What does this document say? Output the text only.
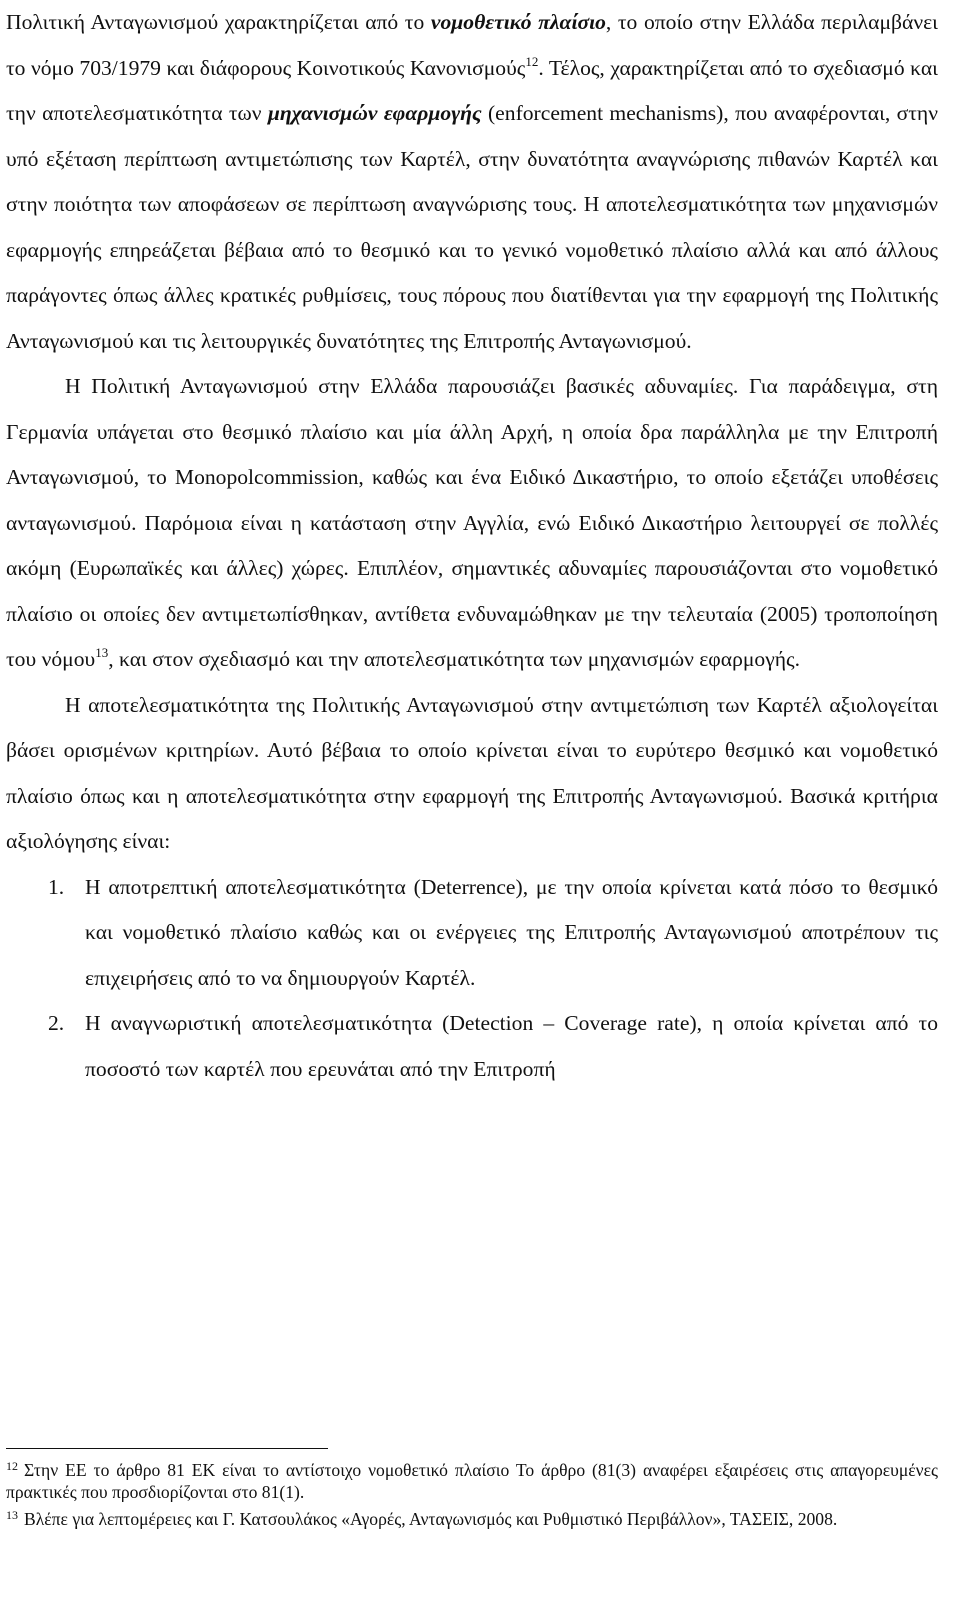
Πολιτική Ανταγωνισμού χαρακτηρίζεται από το νομοθετικό πλαίσιο, το οποίο στην Ελλάδα περιλαμβάνει το νόμο 703/1979 και διάφορους Κοινοτικούς Κανονισμούς$^{12}$. Τέλος, χαρακτηρίζεται από το σχεδιασμό και την αποτελεσματικότητα των μηχανισμών εφαρμογής (enforcement mechanisms), που αναφέρονται, στην υπό εξέταση περίπτωση αντιμετώπισης των Καρτέλ, στην δυνατότητα αναγνώρισης πιθανών Καρτέλ και στην ποιότητα των αποφάσεων σε περίπτωση αναγνώρισης τους. Η αποτελεσματικότητα των μηχανισμών εφαρμογής επηρεάζεται βέβαια από το θεσμικό και το γενικό νομοθετικό πλαίσιο αλλά και από άλλους παράγοντες όπως άλλες κρατικές ρυθμίσεις, τους πόρους που διατίθενται για την εφαρμογή της Πολιτικής Ανταγωνισμού και τις λειτουργικές δυνατότητες της Επιτροπής Ανταγωνισμού.

Η Πολιτική Ανταγωνισμού στην Ελλάδα παρουσιάζει βασικές αδυναμίες. Για παράδειγμα, στη Γερμανία υπάγεται στο θεσμικό πλαίσιο και μία άλλη Αρχή, η οποία δρα παράλληλα με την Επιτροπή Ανταγωνισμού, το Monopolcommission, καθώς και ένα Ειδικό Δικαστήριο, το οποίο εξετάζει υποθέσεις ανταγωνισμού. Παρόμοια είναι η κατάσταση στην Αγγλία, ενώ Ειδικό Δικαστήριο λειτουργεί σε πολλές ακόμη (Ευρωπαϊκές και άλλες) χώρες. Επιπλέον, σημαντικές αδυναμίες παρουσιάζονται στο νομοθετικό πλαίσιο οι οποίες δεν αντιμετωπίσθηκαν, αντίθετα ενδυναμώθηκαν με την τελευταία (2005) τροποποίηση του νόμου$^{13}$, και στον σχεδιασμό και την αποτελεσματικότητα των μηχανισμών εφαρμογής.

Η αποτελεσματικότητα της Πολιτικής Ανταγωνισμού στην αντιμετώπιση των Καρτέλ αξιολογείται βάσει ορισμένων κριτηρίων. Αυτό βέβαια το οποίο κρίνεται είναι το ευρύτερο θεσμικό και νομοθετικό πλαίσιο όπως και η αποτελεσματικότητα στην εφαρμογή της Επιτροπής Ανταγωνισμού. Βασικά κριτήρια αξιολόγησης είναι:

Η αποτρεπτική αποτελεσματικότητα (Deterrence), με την οποία κρίνεται κατά πόσο το θεσμικό και νομοθετικό πλαίσιο καθώς και οι ενέργειες της Επιτροπής Ανταγωνισμού αποτρέπουν τις επιχειρήσεις από το να δημιουργούν Καρτέλ.
Η αναγνωριστική αποτελεσματικότητα (Detection – Coverage rate), η οποία κρίνεται από το ποσοστό των καρτέλ που ερευνάται από την Επιτροπή

$^{12}$ Στην ΕΕ το άρθρο 81 ΕΚ είναι το αντίστοιχο νομοθετικό πλαίσιο Το άρθρο (81(3) αναφέρει εξαιρέσεις στις απαγορευμένες πρακτικές που προσδιορίζονται στο 81(1).

$^{13}$ Βλέπε για λεπτομέρειες και Γ. Κατσουλάκος «Αγορές, Ανταγωνισμός και Ρυθμιστικό Περιβάλλον», ΤΑΣΕΙΣ, 2008.
